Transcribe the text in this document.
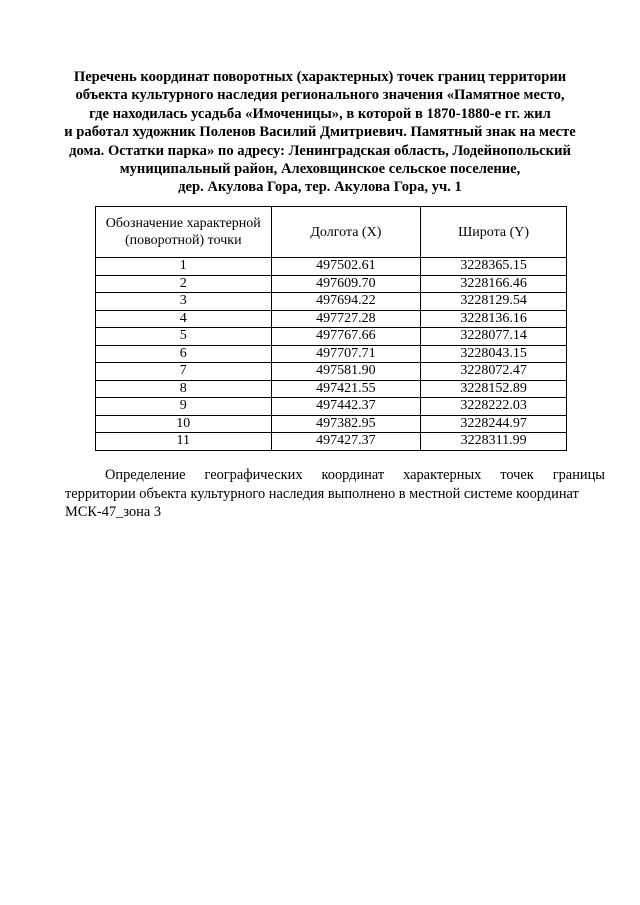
Перечень координат поворотных (характерных) точек границ территории
объекта культурного наследия регионального значения «Памятное место,
где находилась усадьба «Имоченицы», в которой в 1870-1880-е гг. жил
и работал художник Поленов Василий Дмитриевич. Памятный знак на месте
дома. Остатки парка» по адресу: Ленинградская область, Лодейнопольский
муниципальный район, Алеховщинское сельское поселение,
дер. Акулова Гора, тер. Акулова Гора, уч. 1
Обозначение характерной
(поворотной) точки	Долгота (X)	Широта (Y)
1	497502.61	3228365.15
2	497609.70	3228166.46
3	497694.22	3228129.54
4	497727.28	3228136.16
5	497767.66	3228077.14
6	497707.71	3228043.15
7	497581.90	3228072.47
8	497421.55	3228152.89
9	497442.37	3228222.03
10	497382.95	3228244.97
11	497427.37	3228311.99
Определение географических координат характерных точек границы
территории объекта культурного наследия выполнено в местной системе координат
МСК-47_зона 3
